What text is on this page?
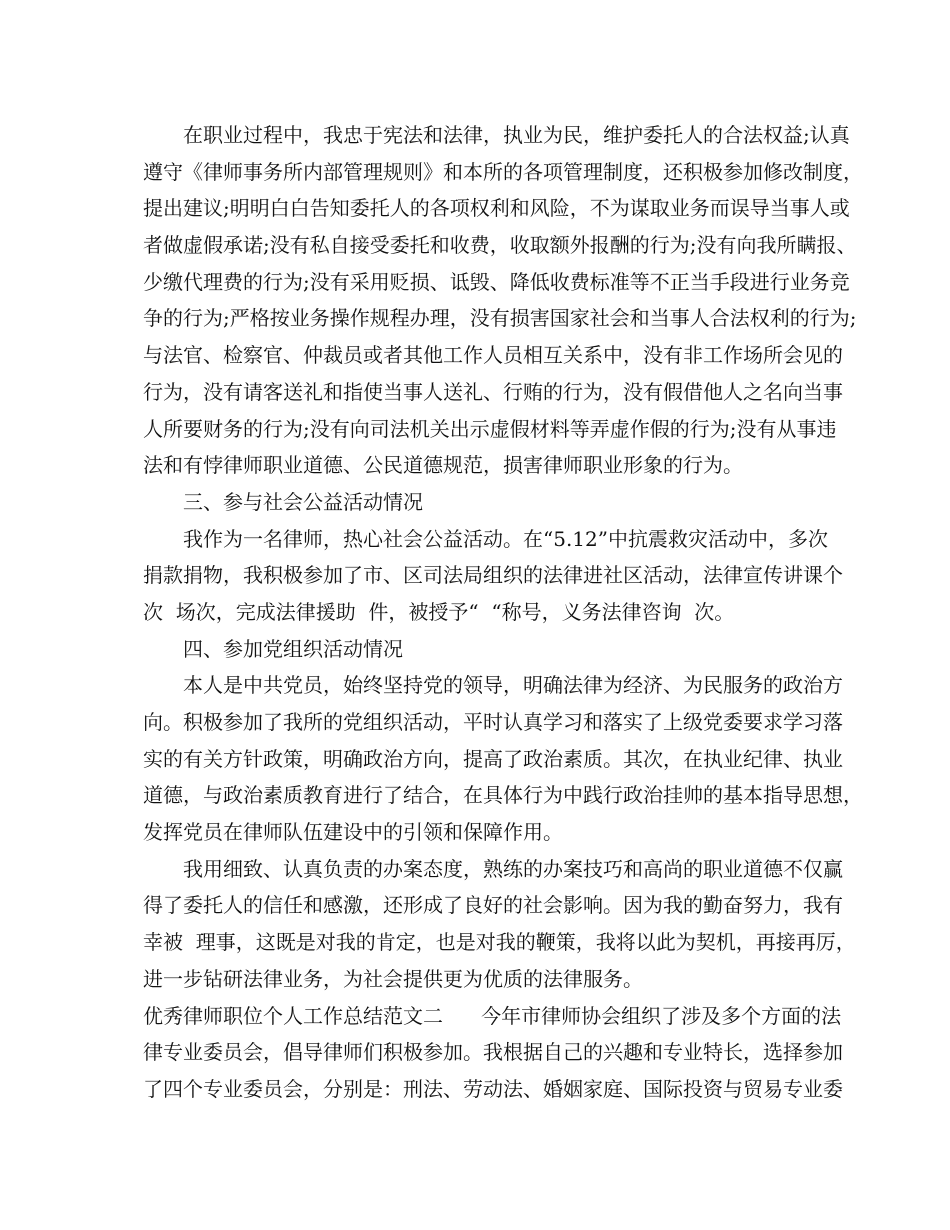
在职业过程中，我忠于宪法和法律，执业为民，维护委托人的合法权益;认真
遵守《律师事务所内部管理规则》和本所的各项管理制度，还积极参加修改制度，
提出建议;明明白白告知委托人的各项权利和风险，不为谋取业务而误导当事人或
者做虚假承诺;没有私自接受委托和收费，收取额外报酬的行为;没有向我所瞒报、
少缴代理费的行为;没有采用贬损、诋毁、降低收费标准等不正当手段进行业务竞
争的行为;严格按业务操作规程办理，没有损害国家社会和当事人合法权利的行为;
与法官、检察官、仲裁员或者其他工作人员相互关系中，没有非工作场所会见的
行为，没有请客送礼和指使当事人送礼、行贿的行为，没有假借他人之名向当事
人所要财务的行为;没有向司法机关出示虚假材料等弄虚作假的行为;没有从事违
法和有悖律师职业道德、公民道德规范，损害律师职业形象的行为。
三、参与社会公益活动情况
我作为一名律师，热心社会公益活动。在“5.12”中抗震救灾活动中，多次
捐款捐物，我积极参加了市、区司法局组织的法律进社区活动，法律宣传讲课个
次  场次，完成法律援助  件，被授予“  “称号，义务法律咨询  次。
四、参加党组织活动情况
本人是中共党员，始终坚持党的领导，明确法律为经济、为民服务的政治方
向。积极参加了我所的党组织活动，平时认真学习和落实了上级党委要求学习落
实的有关方针政策，明确政治方向，提高了政治素质。其次，在执业纪律、执业
道德，与政治素质教育进行了结合，在具体行为中践行政治挂帅的基本指导思想，
发挥党员在律师队伍建设中的引领和保障作用。
我用细致、认真负责的办案态度，熟练的办案技巧和高尚的职业道德不仅赢
得了委托人的信任和感激，还形成了良好的社会影响。因为我的勤奋努力，我有
幸被  理事，这既是对我的肯定，也是对我的鞭策，我将以此为契机，再接再厉，
进一步钻研法律业务，为社会提供更为优质的法律服务。
优秀律师职位个人工作总结范文二      今年市律师协会组织了涉及多个方面的法
律专业委员会，倡导律师们积极参加。我根据自己的兴趣和专业特长，选择参加
了四个专业委员会，分别是：刑法、劳动法、婚姻家庭、国际投资与贸易专业委
